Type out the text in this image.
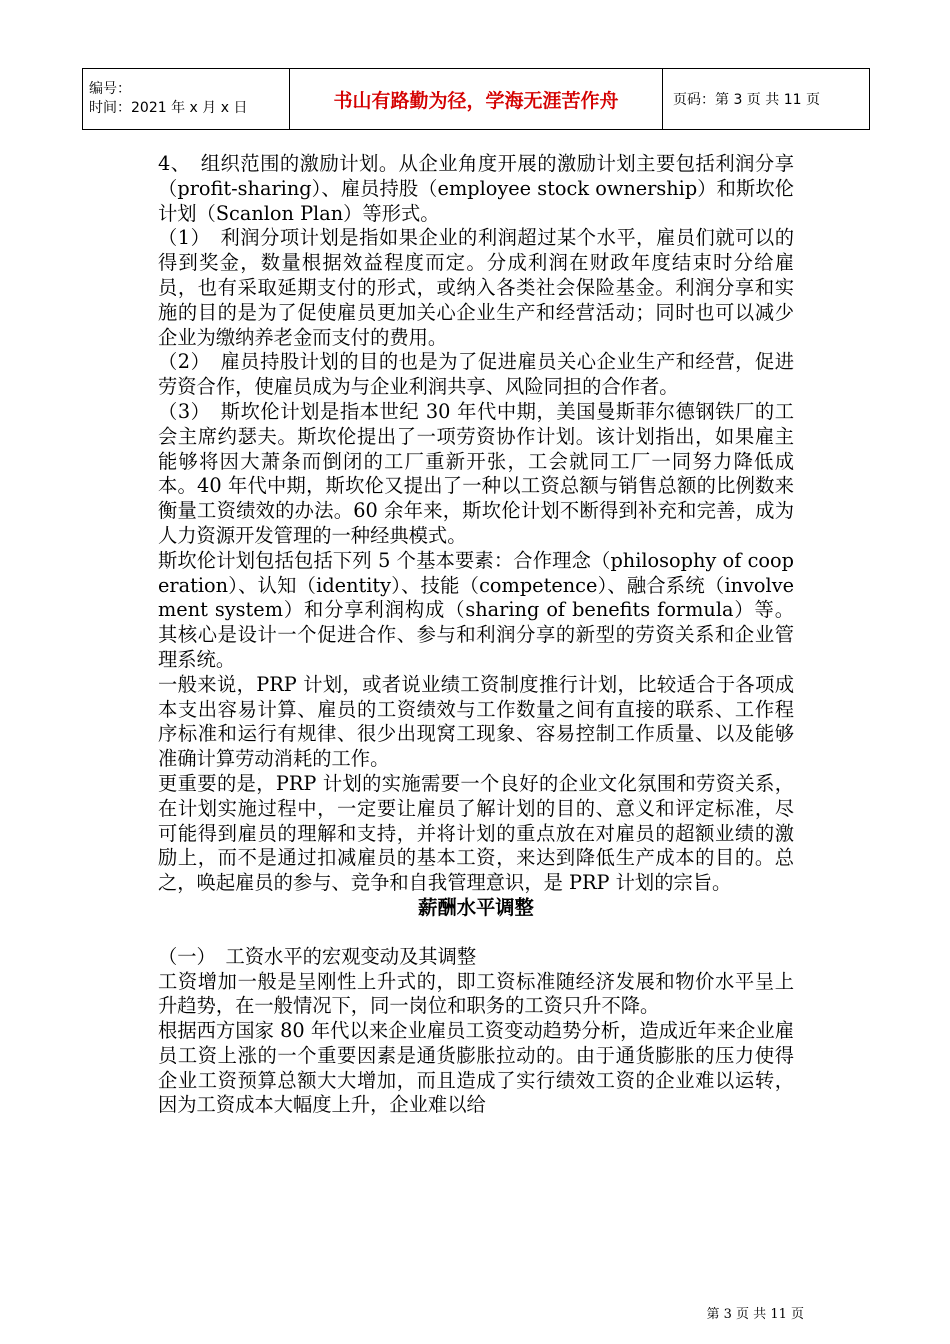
编号：
时间：2021 年 x 月 x 日	书山有路勤为径，学海无涯苦作舟	页码：第 3 页 共 11 页

4、　组织范围的激励计划。从企业角度开展的激励计划主要包括利润分享（profit-sharing）、雇员持股（employee stock ownership）和斯坎伦计划（Scanlon Plan）等形式。

（1）　利润分项计划是指如果企业的利润超过某个水平，雇员们就可以的得到奖金，数量根据效益程度而定。分成利润在财政年度结束时分给雇员，也有采取延期支付的形式，或纳入各类社会保险基金。利润分享和实施的目的是为了促使雇员更加关心企业生产和经营活动；同时也可以减少企业为缴纳养老金而支付的费用。

（2）　雇员持股计划的目的也是为了促进雇员关心企业生产和经营，促进劳资合作，使雇员成为与企业利润共享、风险同担的合作者。

（3）　斯坎伦计划是指本世纪 30 年代中期，美国曼斯菲尔德钢铁厂的工会主席约瑟夫。斯坎伦提出了一项劳资协作计划。该计划指出，如果雇主能够将因大萧条而倒闭的工厂重新开张，工会就同工厂一同努力降低成本。40 年代中期，斯坎伦又提出了一种以工资总额与销售总额的比例数来衡量工资绩效的办法。60 余年来，斯坎伦计划不断得到补充和完善，成为人力资源开发管理的一种经典模式。

斯坎伦计划包括包括下列 5 个基本要素：合作理念（philosophy of cooperation）、认知（identity）、技能（competence）、融合系统（involvement system）和分享利润构成（sharing of benefits formula）等。其核心是设计一个促进合作、参与和利润分享的新型的劳资关系和企业管理系统。

一般来说，PRP 计划，或者说业绩工资制度推行计划，比较适合于各项成本支出容易计算、雇员的工资绩效与工作数量之间有直接的联系、工作程序标准和运行有规律、很少出现窝工现象、容易控制工作质量、以及能够准确计算劳动消耗的工作。

更重要的是，PRP 计划的实施需要一个良好的企业文化氛围和劳资关系，在计划实施过程中，一定要让雇员了解计划的目的、意义和评定标准，尽可能得到雇员的理解和支持，并将计划的重点放在对雇员的超额业绩的激励上，而不是通过扣减雇员的基本工资，来达到降低生产成本的目的。总之，唤起雇员的参与、竞争和自我管理意识，是 PRP 计划的宗旨。

薪酬水平调整

（一）　工资水平的宏观变动及其调整

工资增加一般是呈刚性上升式的，即工资标准随经济发展和物价水平呈上升趋势，在一般情况下，同一岗位和职务的工资只升不降。

根据西方国家 80 年代以来企业雇员工资变动趋势分析，造成近年来企业雇员工资上涨的一个重要因素是通货膨胀拉动的。由于通货膨胀的压力使得企业工资预算总额大大增加，而且造成了实行绩效工资的企业难以运转，因为工资成本大幅度上升，企业难以给

第 3 页 共 11 页
